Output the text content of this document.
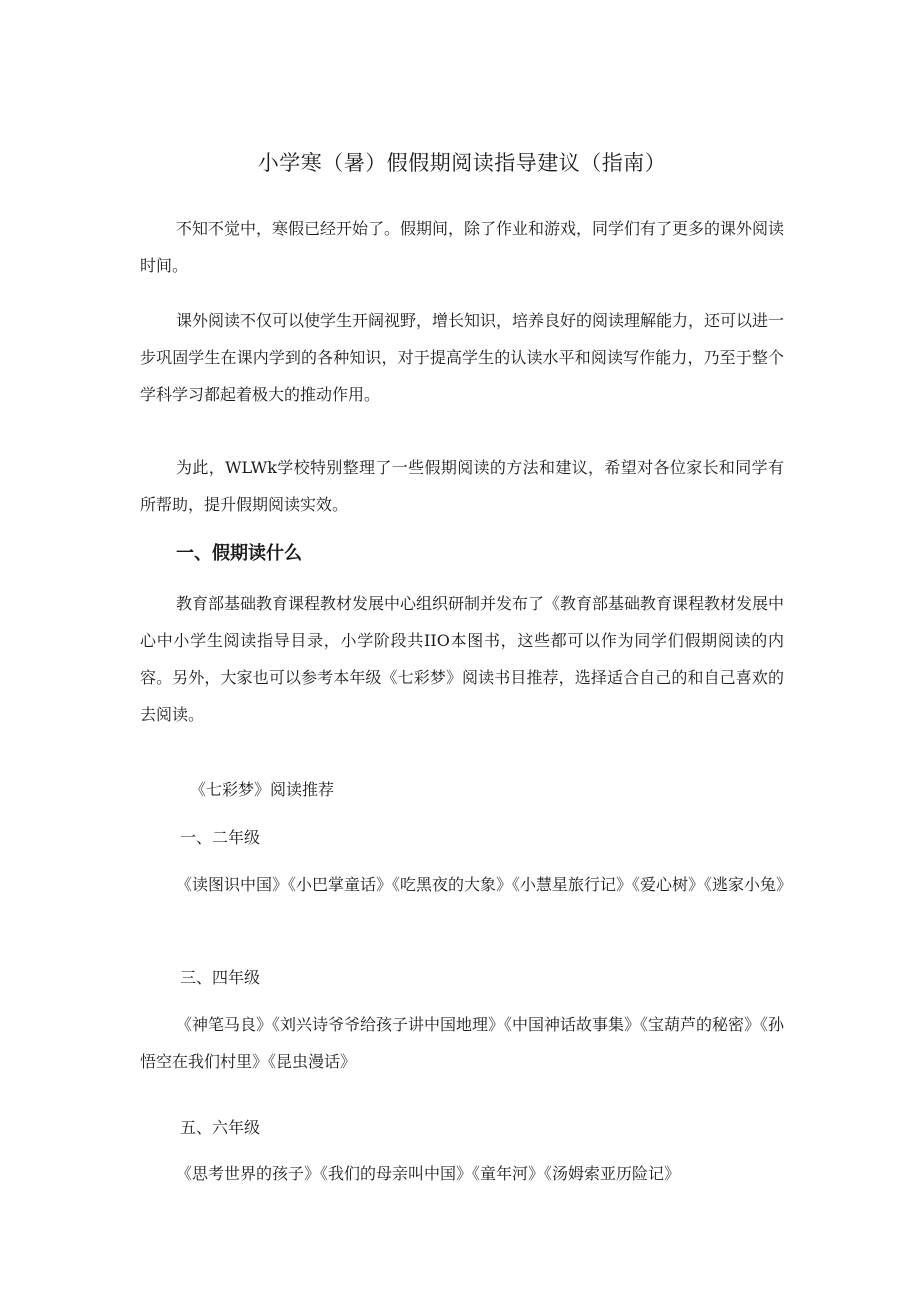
小学寒（暑）假假期阅读指导建议（指南）

不知不觉中，寒假已经开始了。假期间，除了作业和游戏，同学们有了更多的课外阅读时间。

课外阅读不仅可以使学生开阔视野，增长知识，培养良好的阅读理解能力，还可以进一步巩固学生在课内学到的各种知识，对于提高学生的认读水平和阅读写作能力，乃至于整个学科学习都起着极大的推动作用。

为此，WLWk学校特别整理了一些假期阅读的方法和建议，希望对各位家长和同学有所帮助，提升假期阅读实效。

一、假期读什么

教育部基础教育课程教材发展中心组织研制并发布了《教育部基础教育课程教材发展中心中小学生阅读指导目录，小学阶段共IIO本图书，这些都可以作为同学们假期阅读的内容。另外，大家也可以参考本年级《七彩梦》阅读书目推荐，选择适合自己的和自己喜欢的去阅读。

《七彩梦》阅读推荐
一、二年级

《读图识中国》《小巴掌童话》《吃黑夜的大象》《小慧星旅行记》《爱心树》《逃家小兔》

三、四年级

《神笔马良》《刘兴诗爷爷给孩子讲中国地理》《中国神话故事集》《宝葫芦的秘密》《孙悟空在我们村里》《昆虫漫话》

五、六年级

《思考世界的孩子》《我们的母亲叫中国》《童年河》《汤姆索亚历险记》
